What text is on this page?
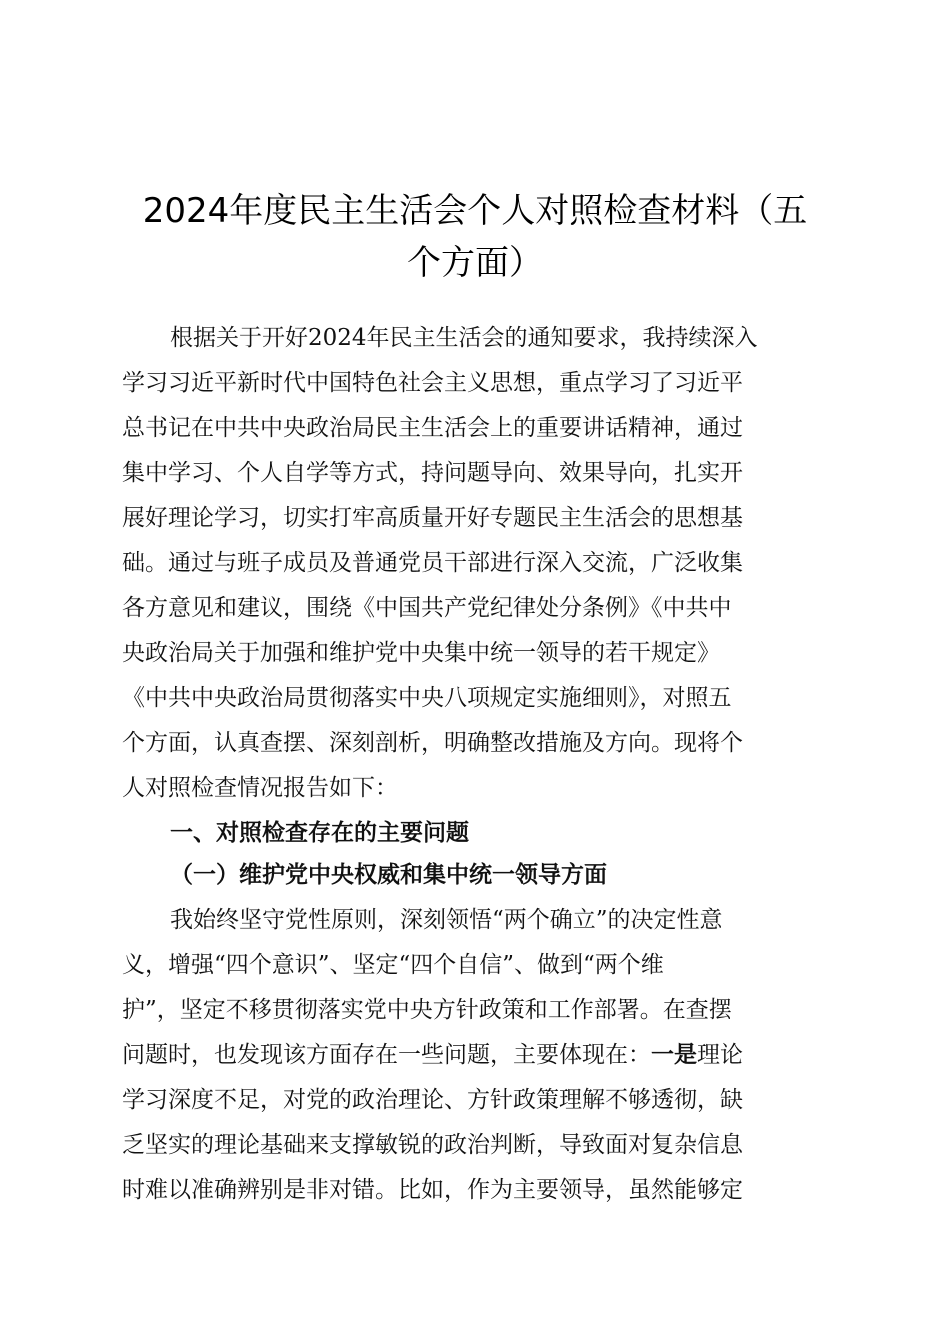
2024年度民主生活会个人对照检查材料（五
个方面）
根据关于开好2024年民主生活会的通知要求，我持续深入
学习习近平新时代中国特色社会主义思想，重点学习了习近平
总书记在中共中央政治局民主生活会上的重要讲话精神，通过
集中学习、个人自学等方式，持问题导向、效果导向，扎实开
展好理论学习，切实打牢高质量开好专题民主生活会的思想基
础。通过与班子成员及普通党员干部进行深入交流，广泛收集
各方意见和建议，围绕《中国共产党纪律处分条例》《中共中
央政治局关于加强和维护党中央集中统一领导的若干规定》
《中共中央政治局贯彻落实中央八项规定实施细则》，对照五
个方面，认真查摆、深刻剖析，明确整改措施及方向。现将个
人对照检查情况报告如下：
一、对照检查存在的主要问题
（一）维护党中央权威和集中统一领导方面
我始终坚守党性原则，深刻领悟“两个确立”的决定性意
义，增强“四个意识”、坚定“四个自信”、做到“两个维
护”，坚定不移贯彻落实党中央方针政策和工作部署。在查摆
问题时，也发现该方面存在一些问题，主要体现在：一是理论
学习深度不足，对党的政治理论、方针政策理解不够透彻，缺
乏坚实的理论基础来支撑敏锐的政治判断，导致面对复杂信息
时难以准确辨别是非对错。比如，作为主要领导，虽然能够定
